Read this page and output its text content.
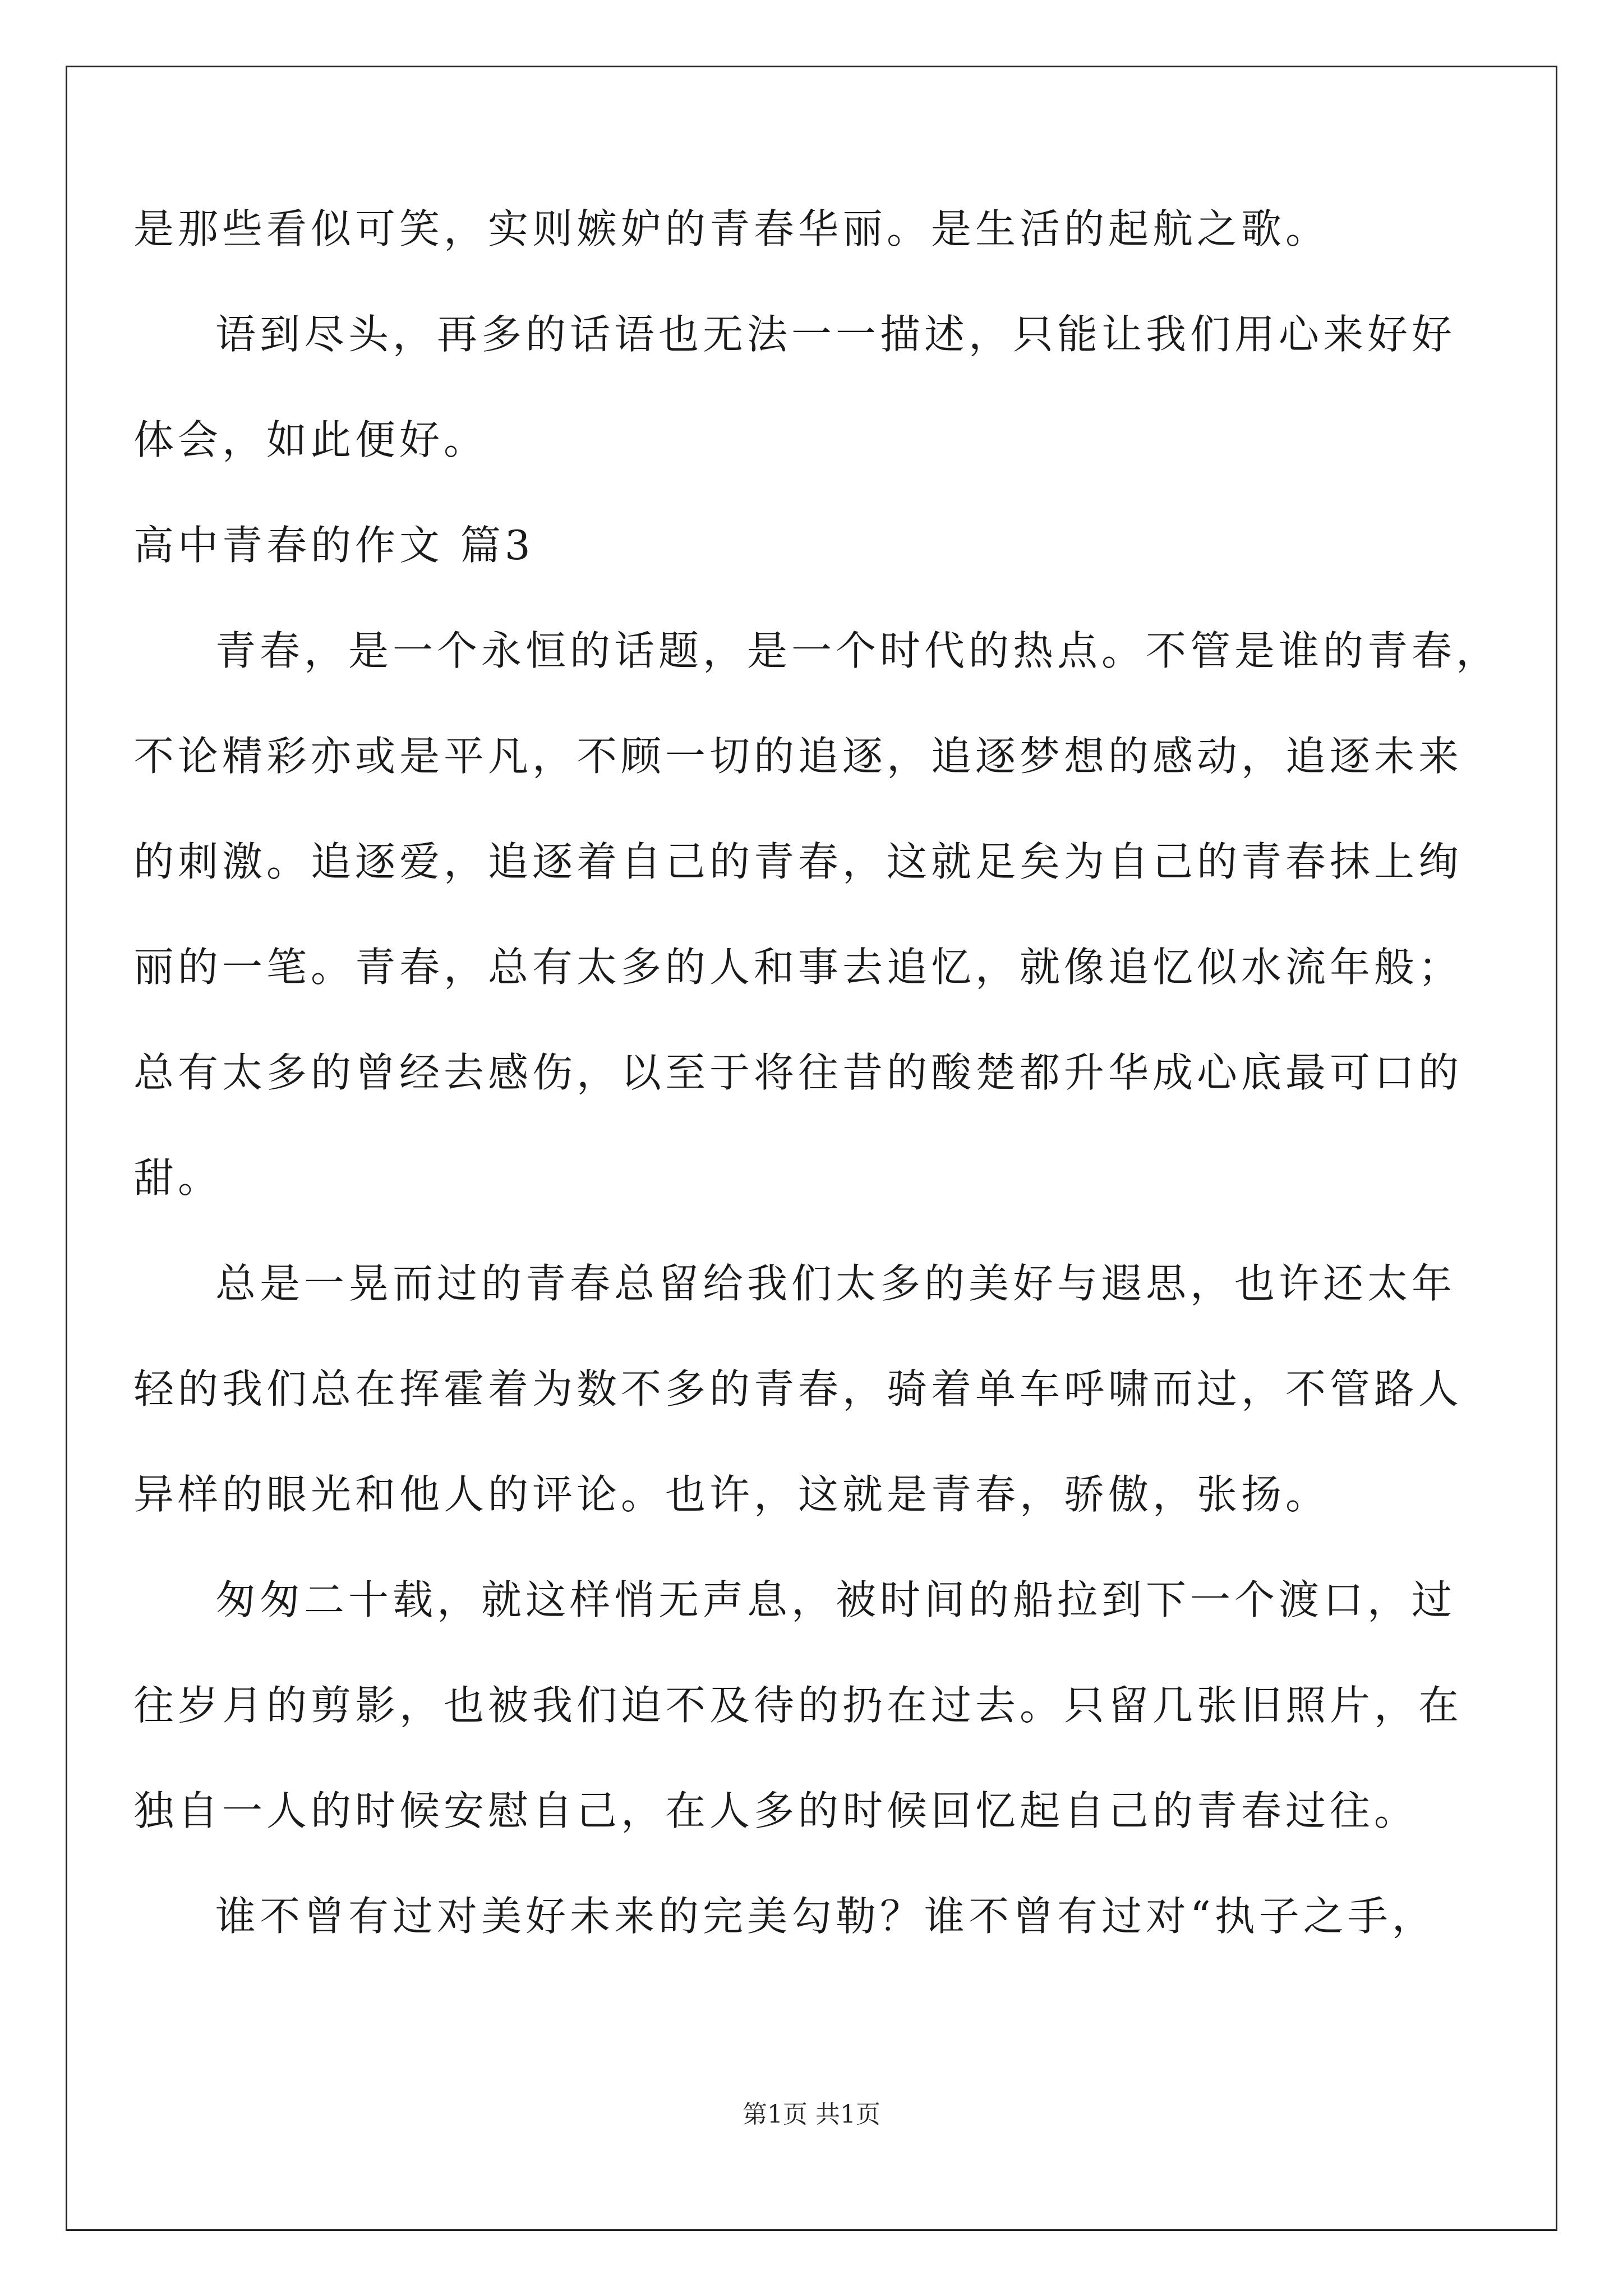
是那些看似可笑，实则嫉妒的青春华丽。是生活的起航之歌。
语到尽头，再多的话语也无法一一描述，只能让我们用心来好好
体会，如此便好。
高中青春的作文 篇3
青春，是一个永恒的话题，是一个时代的热点。不管是谁的青春，
不论精彩亦或是平凡，不顾一切的追逐，追逐梦想的感动，追逐未来
的刺激。追逐爱，追逐着自己的青春，这就足矣为自己的青春抹上绚
丽的一笔。青春，总有太多的人和事去追忆，就像追忆似水流年般；
总有太多的曾经去感伤，以至于将往昔的酸楚都升华成心底最可口的
甜。
总是一晃而过的青春总留给我们太多的美好与遐思，也许还太年
轻的我们总在挥霍着为数不多的青春，骑着单车呼啸而过，不管路人
异样的眼光和他人的评论。也许，这就是青春，骄傲，张扬。
匆匆二十载，就这样悄无声息，被时间的船拉到下一个渡口，过
往岁月的剪影，也被我们迫不及待的扔在过去。只留几张旧照片，在
独自一人的时候安慰自己，在人多的时候回忆起自己的青春过往。
谁不曾有过对美好未来的完美勾勒？谁不曾有过对“执子之手，
第1页 共1页
